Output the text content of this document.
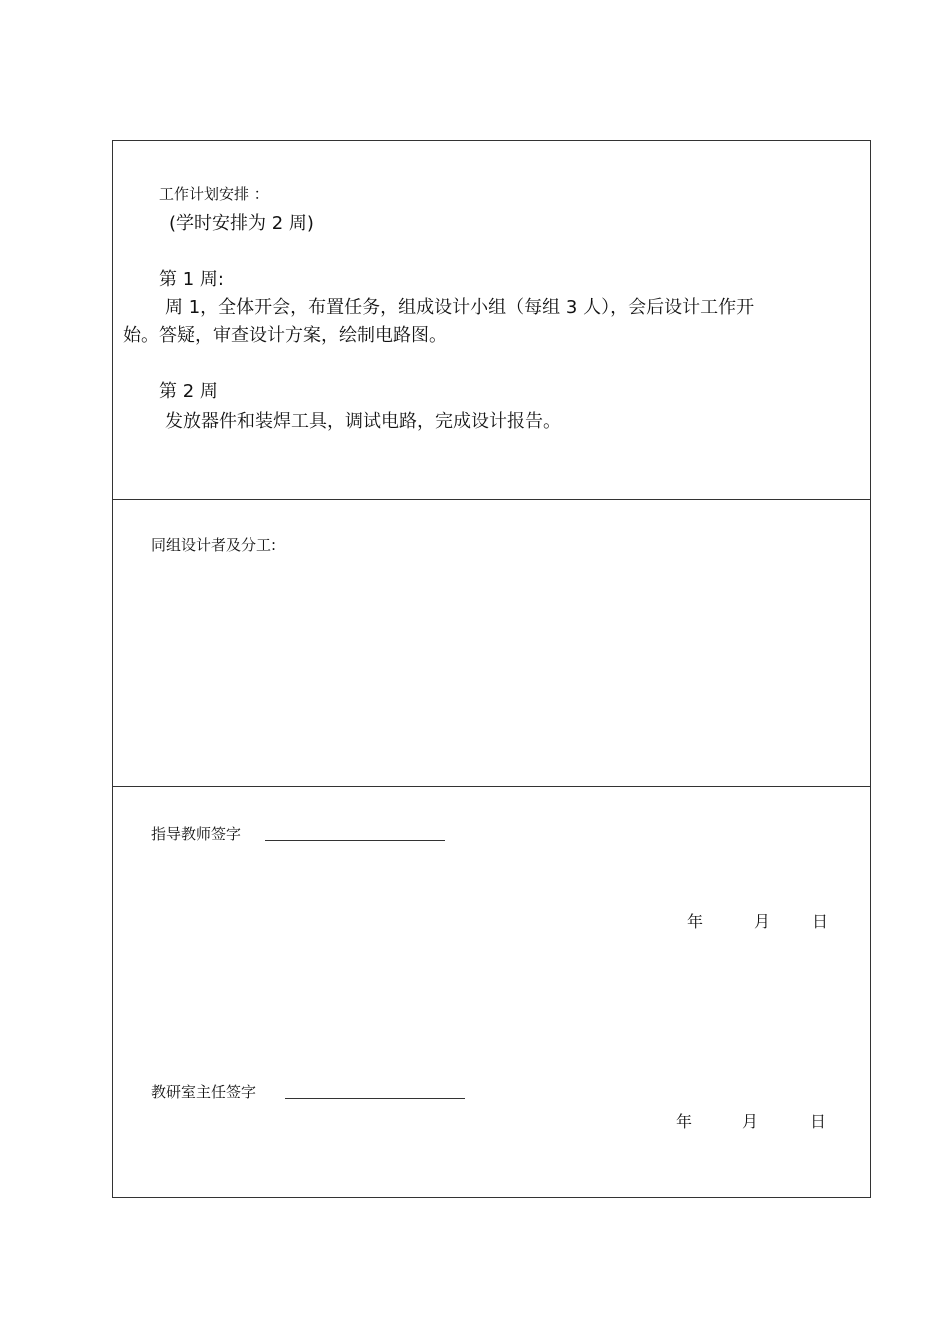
工作计划安排 ：
(学时安排为 2 周)
第 1 周:
周 1，全体开会，布置任务，组成设计小组（每组 3 人），会后设计工作开
始。答疑，审查设计方案，绘制电路图。
第 2 周
发放器件和装焊工具，调试电路，完成设计报告。
同组设计者及分工:
指导教师签字
年	月	日
教研室主任签字
年	月	日
